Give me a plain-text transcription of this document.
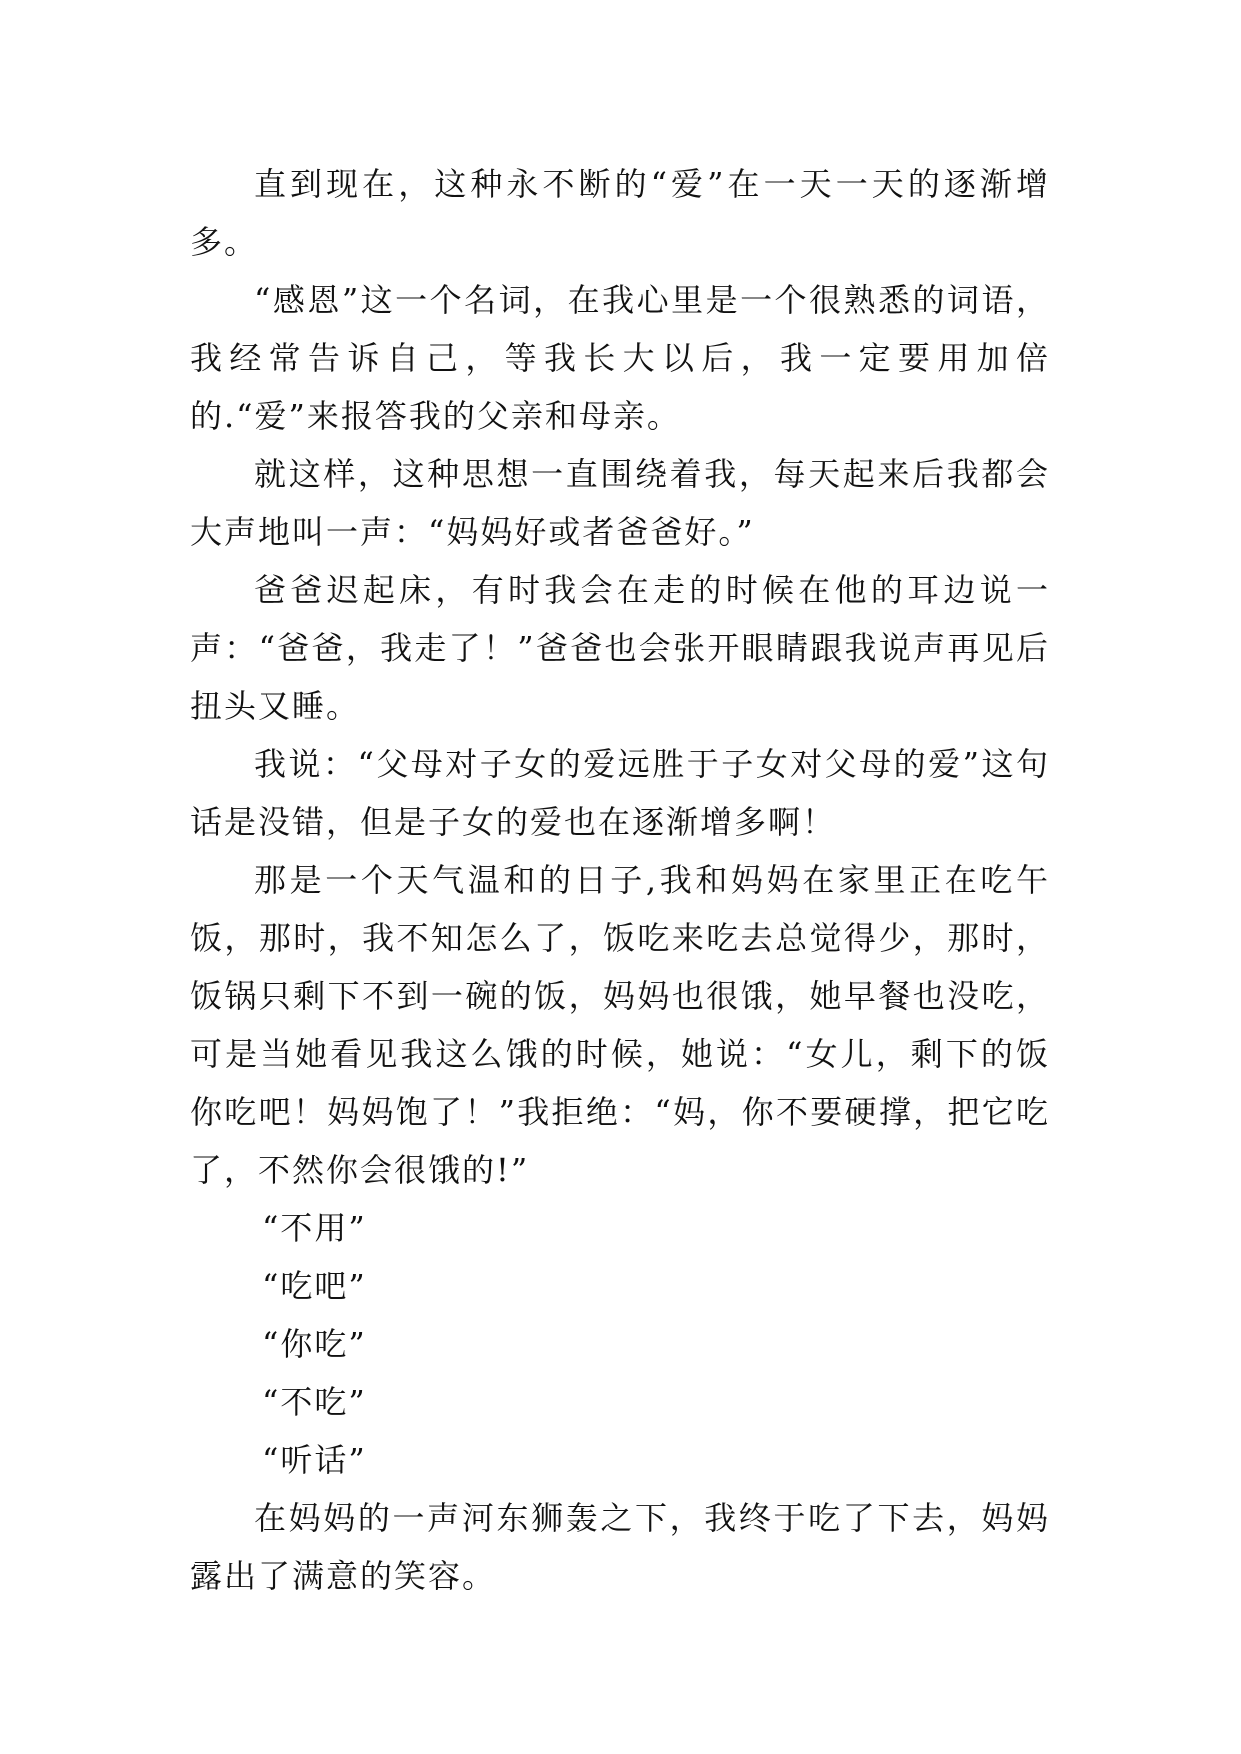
直到现在，这种永不断的“爱”在一天一天的逐渐增多。

“感恩”这一个名词，在我心里是一个很熟悉的词语，我经常告诉自己，等我长大以后，我一定要用加倍的.“爱”来报答我的父亲和母亲。

就这样，这种思想一直围绕着我，每天起来后我都会大声地叫一声：“妈妈好或者爸爸好。”

爸爸迟起床，有时我会在走的时候在他的耳边说一声：“爸爸，我走了！”爸爸也会张开眼睛跟我说声再见后扭头又睡。

我说：“父母对子女的爱远胜于子女对父母的爱”这句话是没错，但是子女的爱也在逐渐增多啊！

那是一个天气温和的日子,我和妈妈在家里正在吃午饭，那时，我不知怎么了，饭吃来吃去总觉得少，那时，饭锅只剩下不到一碗的饭，妈妈也很饿，她早餐也没吃，可是当她看见我这么饿的时候，她说：“女儿，剩下的饭你吃吧！妈妈饱了！”我拒绝：“妈，你不要硬撑，把它吃了，不然你会很饿的!”

“不用”

“吃吧”

“你吃”

“不吃”

“听话”

在妈妈的一声河东狮轰之下，我终于吃了下去，妈妈露出了满意的笑容。
